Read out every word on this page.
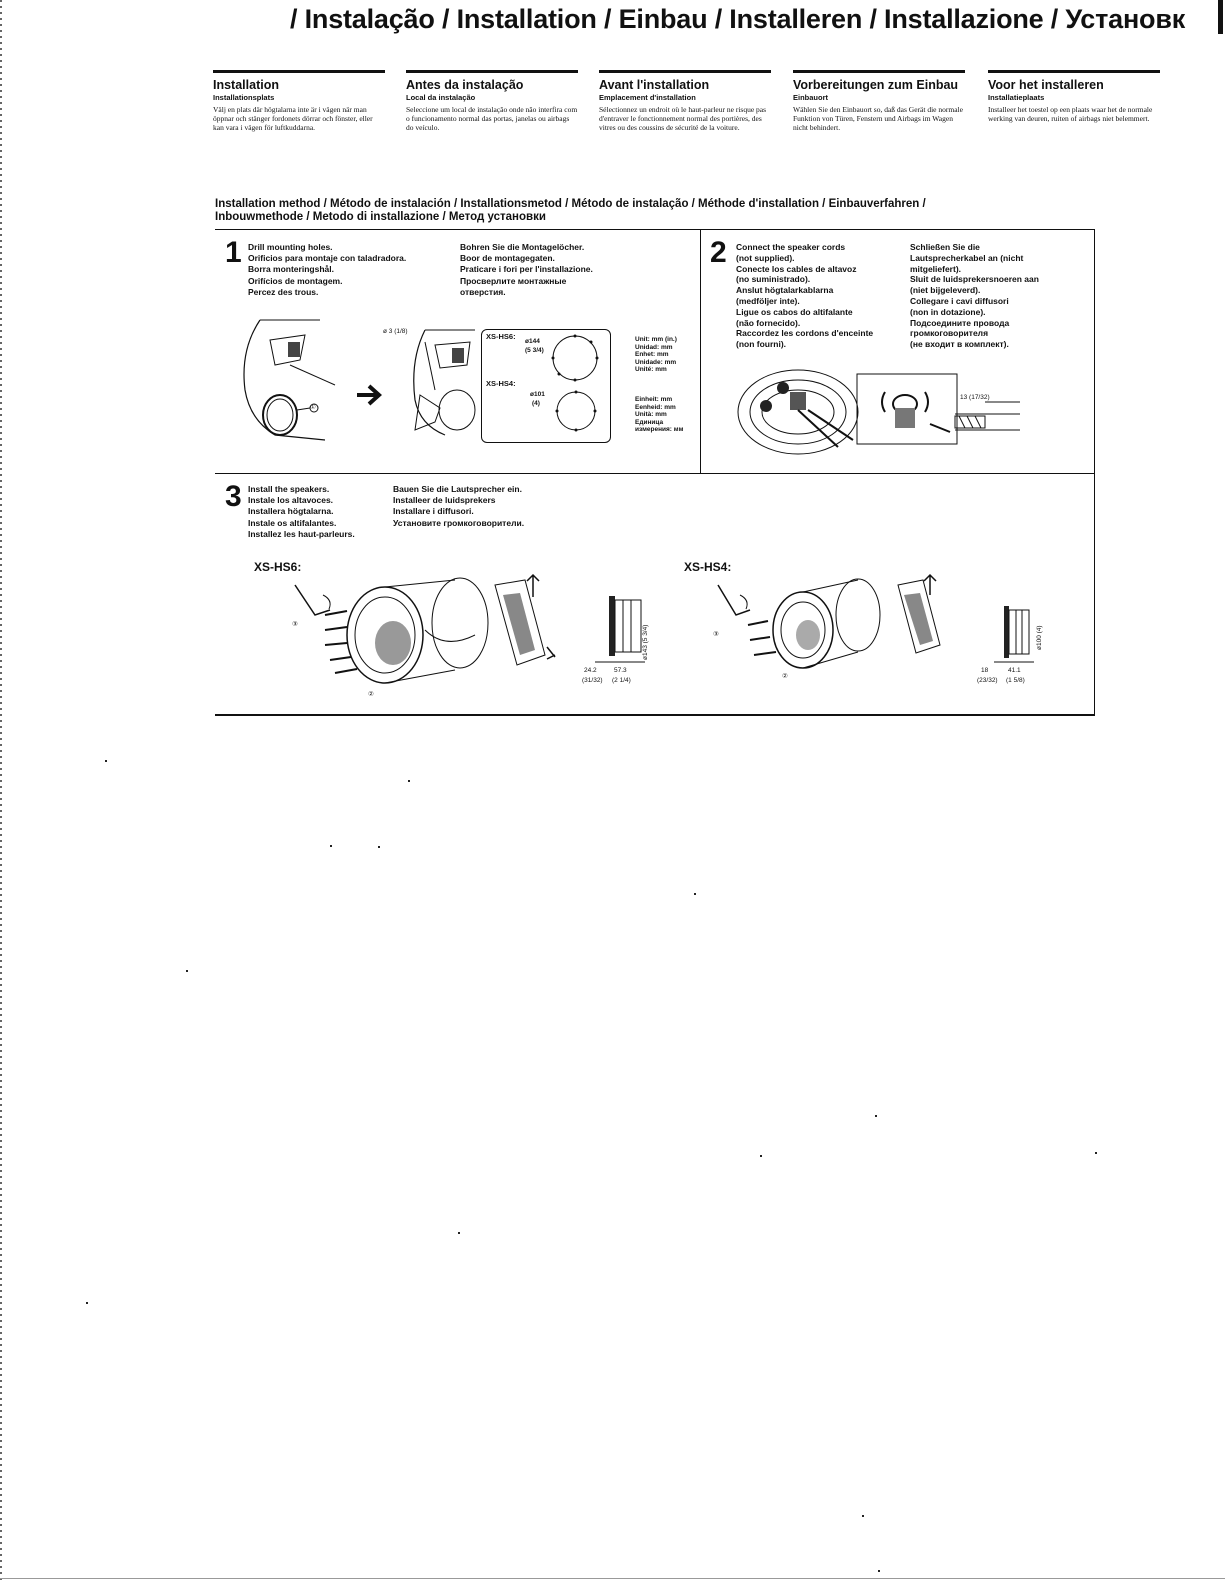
/ Instalação / Installation / Einbau / Installeren / Installazione / Установк
Installation
Installationsplats

Välj en plats där högtalarna inte är i vägen när man öppnar och stänger fordonets dörrar och fönster, eller kan vara i vägen för luftkuddarna.

Antes da instalação
Local da instalação

Seleccione um local de instalação onde não interfira com o funcionamento normal das portas, janelas ou airbags do veículo.

Avant l'installation
Emplacement d'installation

Sélectionnez un endroit où le haut-parleur ne risque pas d'entraver le fonctionnement normal des portières, des vitres ou des coussins de sécurité de la voiture.

Vorbereitungen zum Einbau
Einbauort

Wählen Sie den Einbauort so, daß das Gerät die normale Funktion von Türen, Fenstern und Airbags im Wagen nicht behindert.

Voor het installeren
Installatieplaats

Installeer het toestel op een plaats waar het de normale werking van deuren, ruiten of airbags niet belemmert.

Installation method / Método de instalación / Installationsmetod / Método de instalação / Méthode d'installation / Einbauverfahren /
Inbouwmethode / Metodo di installazione / Метод установки
1 Drill mounting holes.
Orificios para montaje con taladradora.
Borra monteringshål.
Orifícios de montagem.
Percez des trous.
Bohren Sie die Montagelöcher.
Boor de montagegaten.
Praticare i fori per l'installazione.
Просверлите монтажные
отверстия.
①
ø 3 (1/8)
XS-HS6:
ø144
(5 3/4)
XS-HS4:
ø101
(4)
Unit: mm (in.)
Unidad: mm
Enhet: mm
Unidade: mm
Unité: mm
Einheit: mm
Eenheid: mm
Unità: mm
Единица
измерения: мм
2 Connect the speaker cords
(not supplied).
Conecte los cables de altavoz
(no suministrado).
Anslut högtalarkablarna
(medföljer inte).
Ligue os cabos do altifalante
(não fornecido).
Raccordez les cordons d'enceinte
(non fourni).
Schließen Sie die
Lautsprecherkabel an (nicht
mitgeliefert).
Sluit de luidsprekersnoeren aan
(niet bijgeleverd).
Collegare i cavi diffusori
(non in dotazione).
Подсоедините провода
громкоговорителя
(не входит в комплект).
13 (17/32)
3 Install the speakers.
Instale los altavoces.
Installera högtalarna.
Instale os altifalantes.
Installez les haut-parleurs.
Bauen Sie die Lautsprecher ein.
Installeer de luidsprekers
Installare i diffusori.
Установите громкоговорители.
XS-HS6:	XS-HS4:
③
②
ø143 (5 3/4)
24.2
(31/32)
57.3
(2 1/4)
③
②
ø100 (4)
18
(23/32)
41.1
(1 5/8)
